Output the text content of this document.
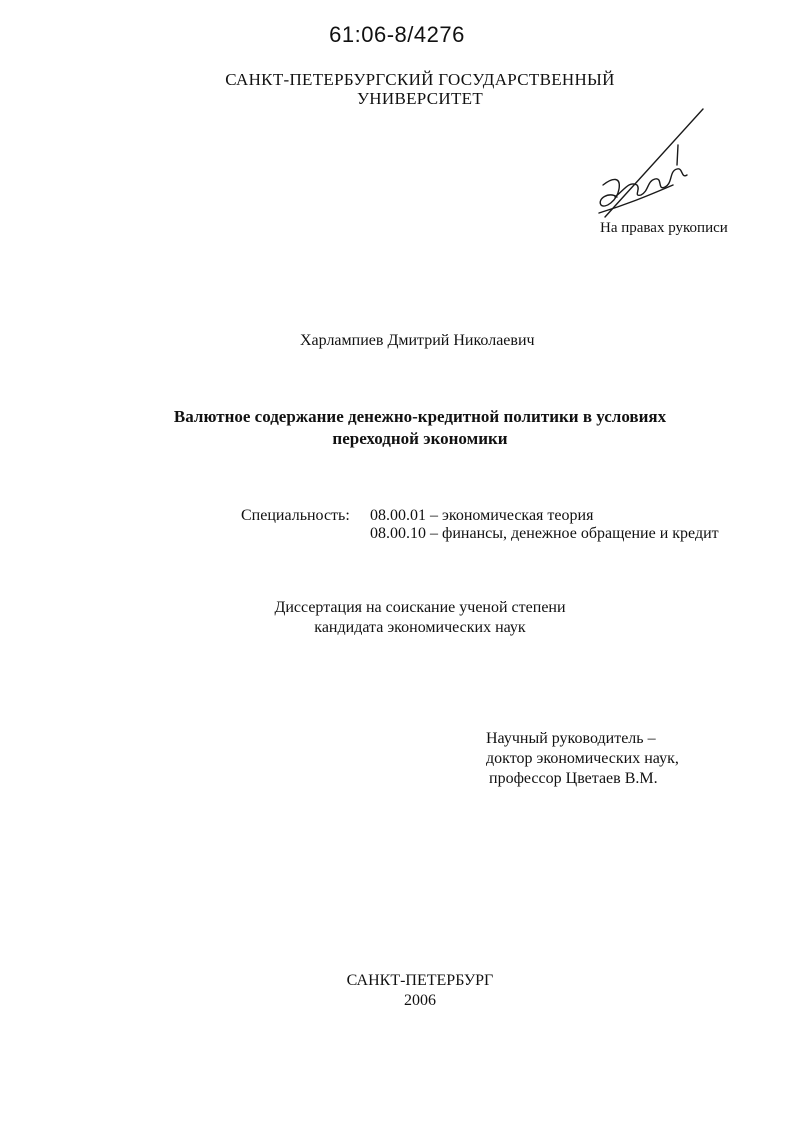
61:06-8/4276
САНКТ-ПЕТЕРБУРГСКИЙ ГОСУДАРСТВЕННЫЙ
УНИВЕРСИТЕТ
На правах рукописи
Харлампиев Дмитрий Николаевич
Валютное содержание денежно-кредитной политики в условиях
переходной экономики
Специальность: 08.00.01 – экономическая теория
08.00.10 – финансы, денежное обращение и кредит
Диссертация на соискание ученой степени
кандидата экономических наук
Научный руководитель –
доктор экономических наук,
профессор Цветаев В.М.
САНКТ-ПЕТЕРБУРГ
2006
